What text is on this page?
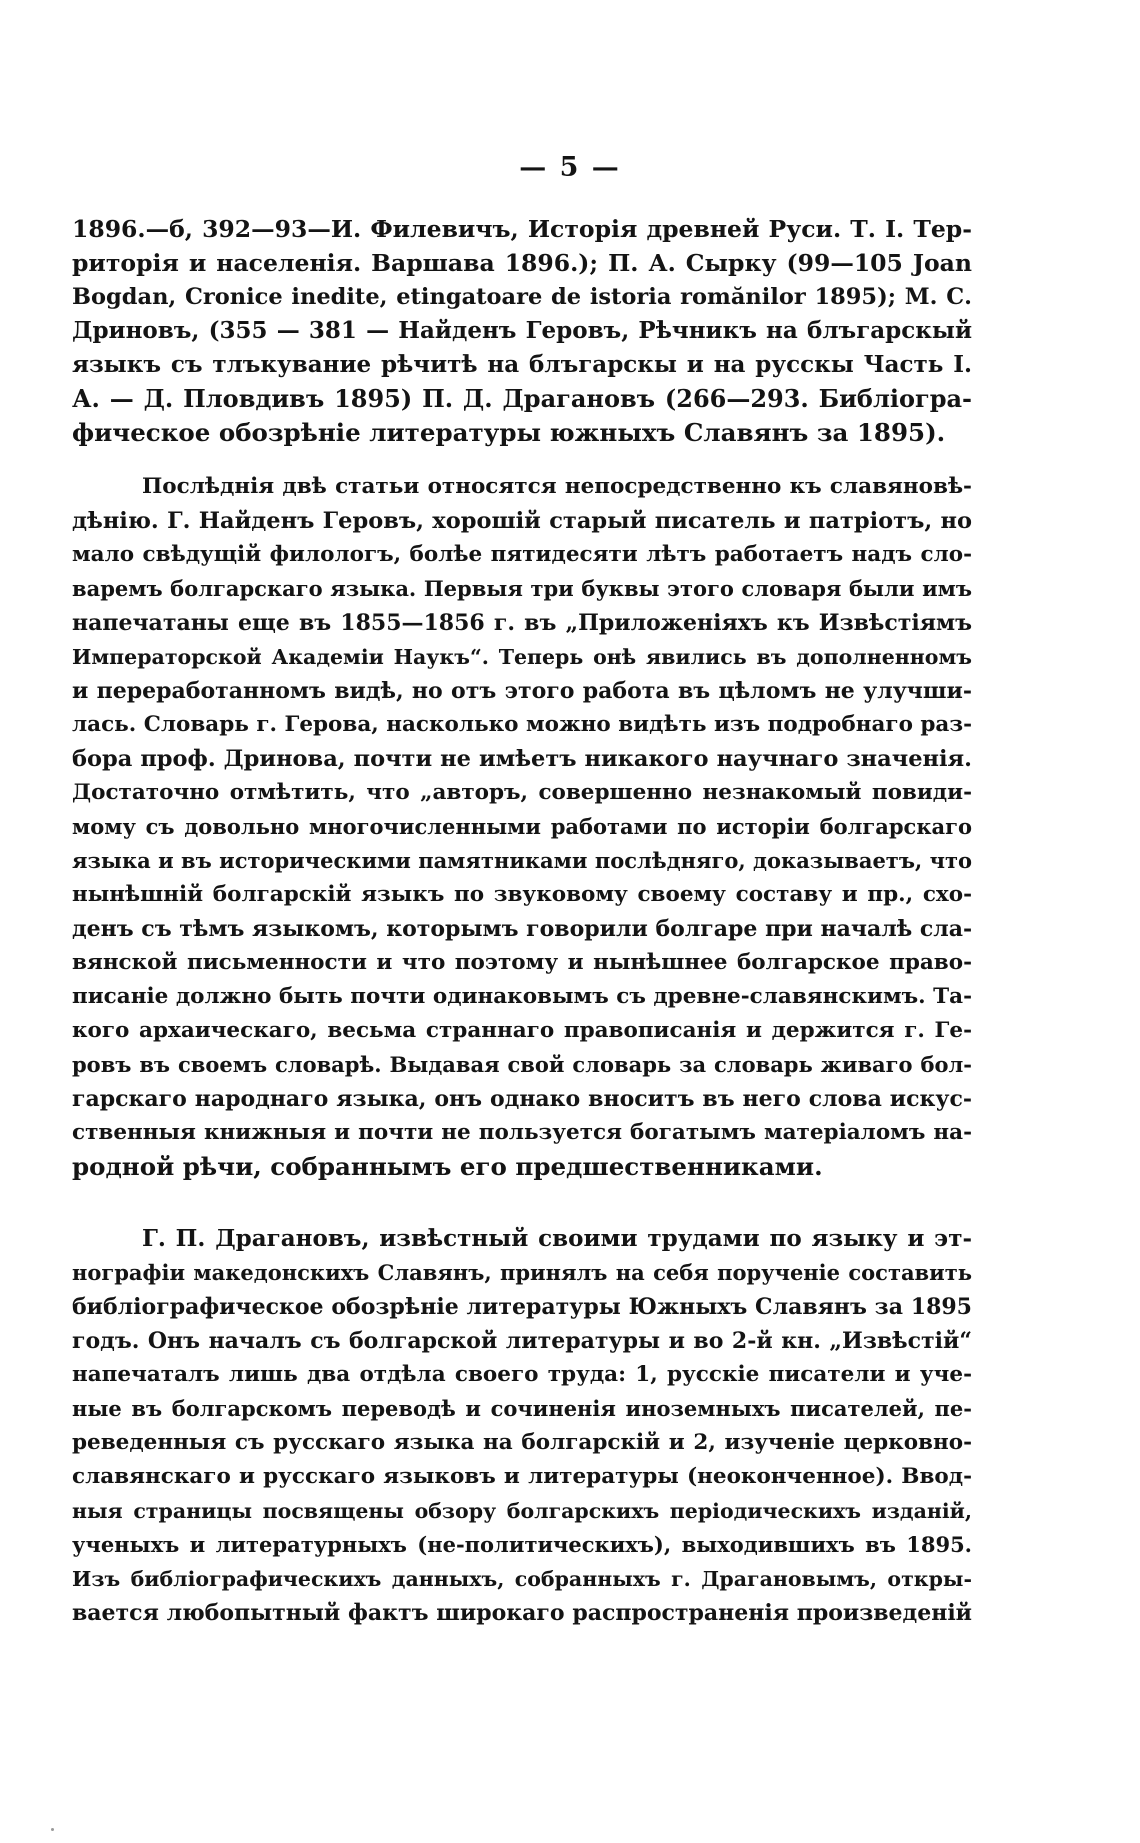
— 5 —
1896.—б, 392—93—И. Филевичъ, Исторія древней Руси. Т. I. Тер-
риторія и населенія. Варшава 1896.); П. А. Сырку (99—105 Joan
Bogdan, Cronice inedite, etingatoare de istoria romănilor 1895); М. С.
Дриновъ, (355 — 381 — Найденъ Геровъ, Рѣчникъ на блъгарскый
языкъ съ тлъкувание рѣчитѣ на блъгарскы и на русскы Часть I.
А. — Д. Пловдивъ 1895) П. Д. Драгановъ (266—293. Библіогра-
фическое обозрѣніе литературы южныхъ Славянъ за 1895).
Послѣднія двѣ статьи относятся непосредственно къ славяновѣ-
дѣнію. Г. Найденъ Геровъ, хорошій старый писатель и патріотъ, но
мало свѣдущій филологъ, болѣе пятидесяти лѣтъ работаетъ надъ сло-
варемъ болгарскаго языка. Первыя три буквы этого словаря были имъ
напечатаны еще въ 1855—1856 г. въ „Приложеніяхъ къ Извѣстіямъ
Императорской Академіи Наукъ“. Теперь онѣ явились въ дополненномъ
и переработанномъ видѣ, но отъ этого работа въ цѣломъ не улучши-
лась. Словарь г. Герова, насколько можно видѣть изъ подробнаго раз-
бора проф. Дринова, почти не имѣетъ никакого научнаго значенія.
Достаточно отмѣтить, что „авторъ, совершенно незнакомый повиди-
мому съ довольно многочисленными работами по исторіи болгарскаго
языка и въ историческими памятниками послѣдняго, доказываетъ, что
нынѣшній болгарскій языкъ по звуковому своему составу и пр., схо-
денъ съ тѣмъ языкомъ, которымъ говорили болгаре при началѣ сла-
вянской письменности и что поэтому и нынѣшнее болгарское право-
писаніе должно быть почти одинаковымъ съ древне-славянскимъ. Та-
кого архаическаго, весьма страннаго правописанія и держится г. Ге-
ровъ въ своемъ словарѣ. Выдавая свой словарь за словарь живаго бол-
гарскаго народнаго языка, онъ однако вноситъ въ него слова искус-
ственныя книжныя и почти не пользуется богатымъ матеріаломъ на-
родной рѣчи, собраннымъ его предшественниками.
Г. П. Драгановъ, извѣстный своими трудами по языку и эт-
нографіи македонскихъ Славянъ, принялъ на себя порученіе составить
библіографическое обозрѣніе литературы Южныхъ Славянъ за 1895
годъ. Онъ началъ съ болгарской литературы и во 2-й кн. „Извѣстій“
напечаталъ лишь два отдѣла своего труда: 1, русскіе писатели и уче-
ные въ болгарскомъ переводѣ и сочиненія иноземныхъ писателей, пе-
реведенныя съ русскаго языка на болгарскій и 2, изученіе церковно-
славянскаго и русскаго языковъ и литературы (неоконченное). Ввод-
ныя страницы посвящены обзору болгарскихъ періодическихъ изданій,
ученыхъ и литературныхъ (не-политическихъ), выходившихъ въ 1895.
Изъ библіографическихъ данныхъ, собранныхъ г. Драгановымъ, откры-
вается любопытный фактъ широкаго распространенія произведеній
